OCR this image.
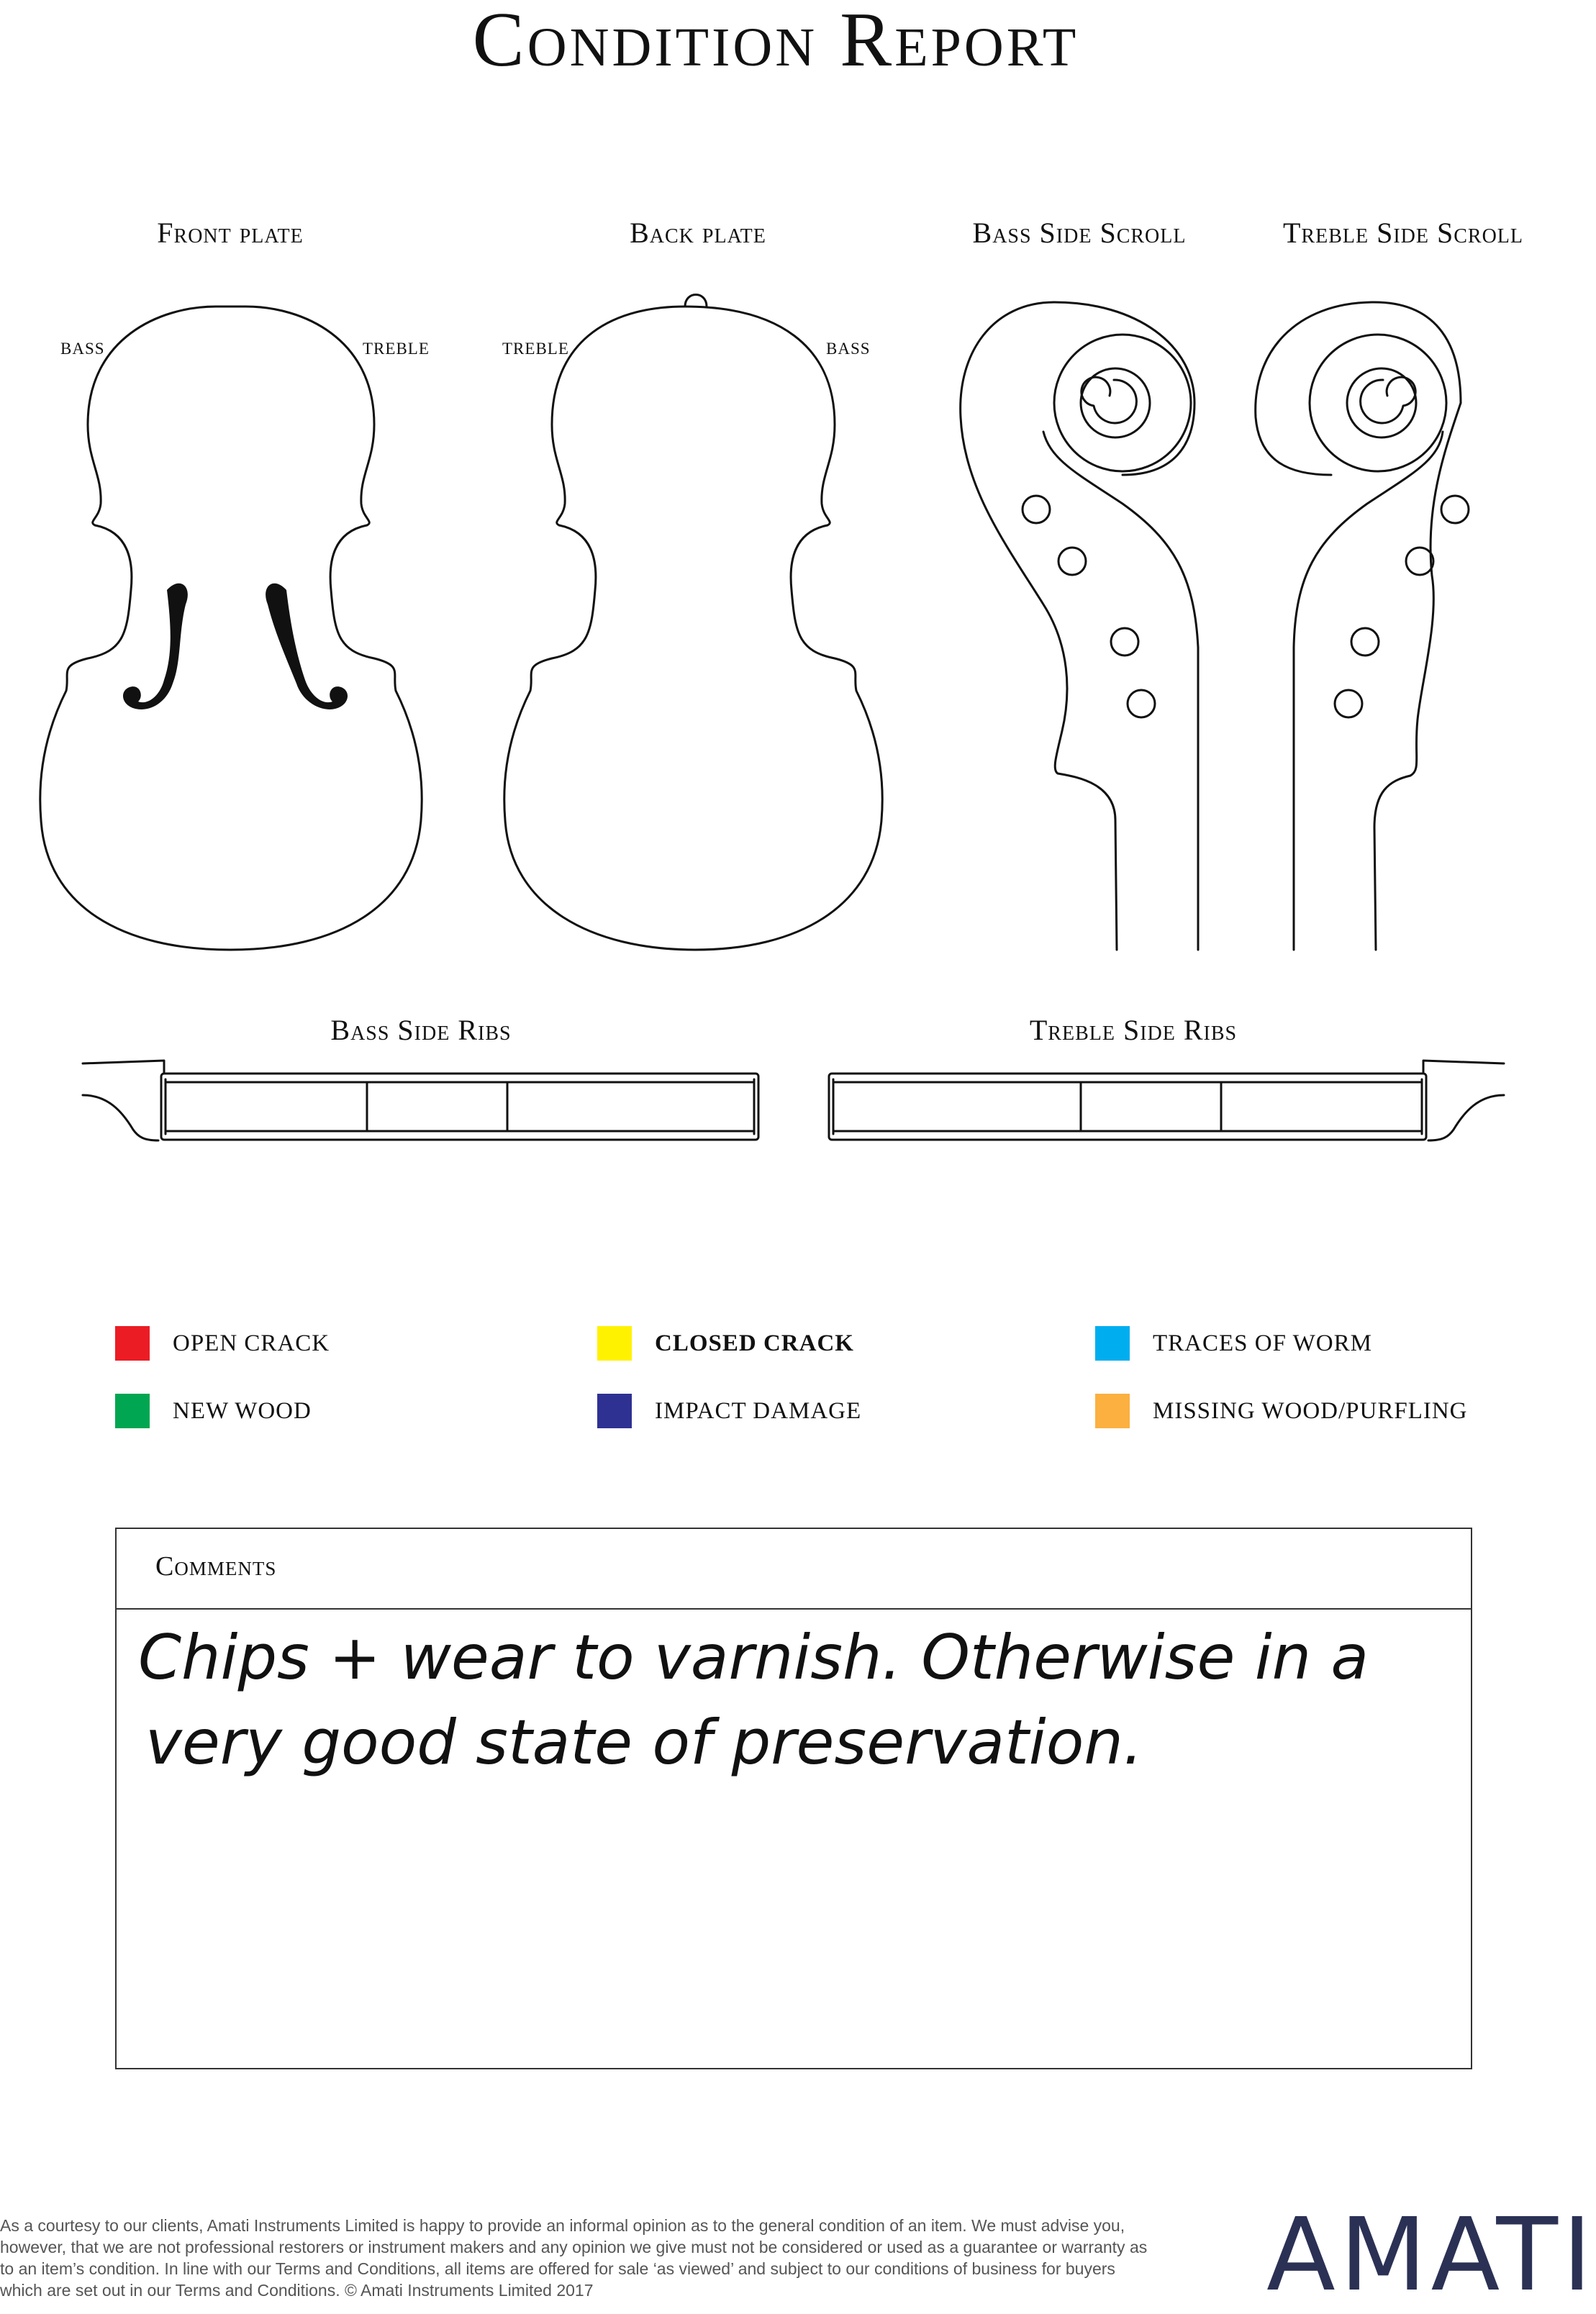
Condition Report
Front plate	Back plate	Bass Side Scroll	Treble Side Scroll
BASS	TREBLE	TREBLE	BASS
Bass Side Ribs	Treble Side Ribs
OPEN CRACK	CLOSED CRACK	TRACES OF WORM
NEW WOOD	IMPACT DAMAGE	MISSING WOOD/PURFLING
Comments
Chips + wear to varnish. Otherwise in a
very good state of preservation.
As a courtesy to our clients, Amati Instruments Limited is happy to provide an informal opinion as to the general condition of an item. We must advise you, however, that we are not professional restorers or instrument makers and any opinion we give must not be considered or used as a guarantee or warranty as to an item’s condition. In line with our Terms and Conditions, all items are offered for sale ‘as viewed’ and subject to our conditions of business for buyers which are set out in our Terms and Conditions. © Amati Instruments Limited 2017	AMATI
